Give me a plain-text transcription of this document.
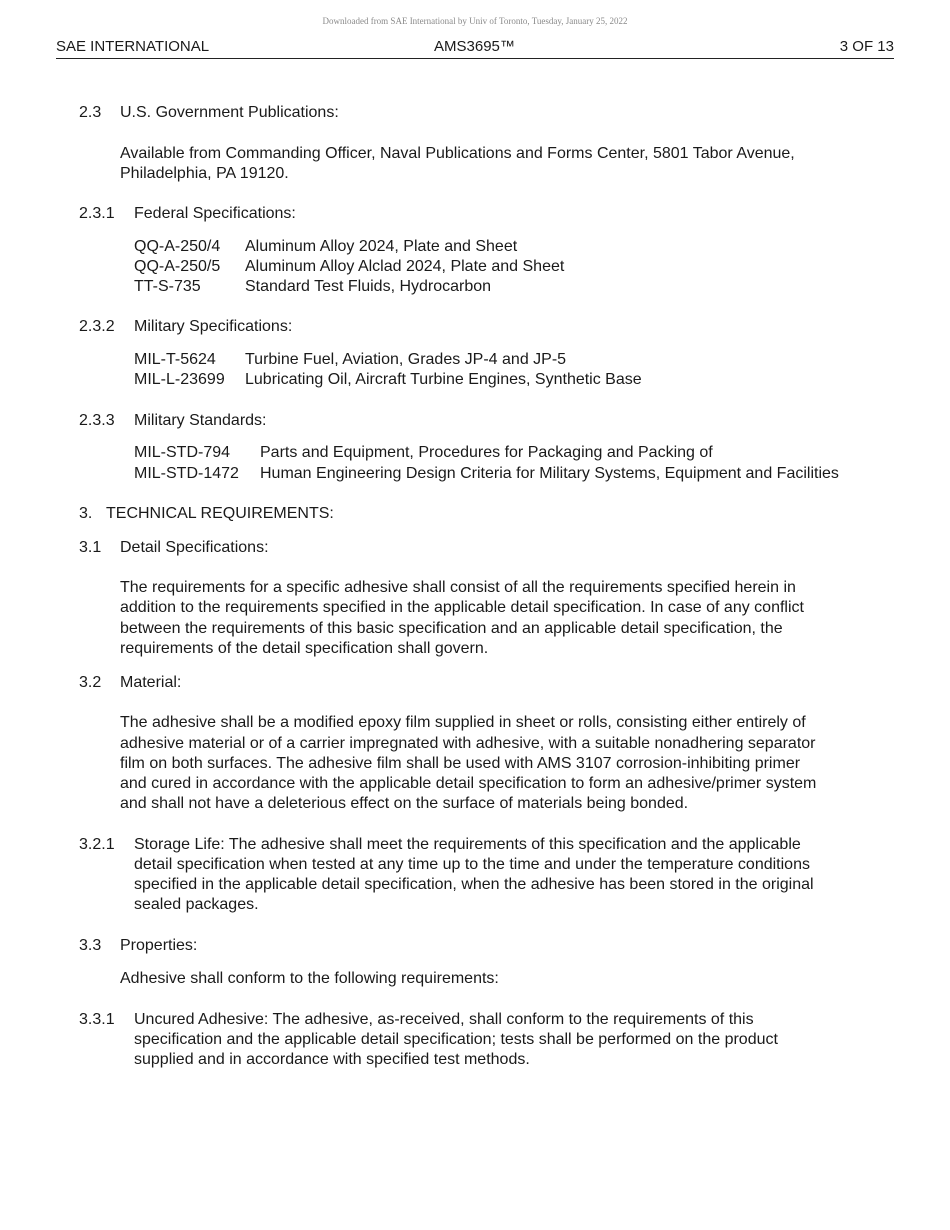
Downloaded from SAE International by Univ of Toronto, Tuesday, January 25, 2022
SAE INTERNATIONAL	AMS3695™	3 OF 13
2.3 U.S. Government Publications:
Available from Commanding Officer, Naval Publications and Forms Center, 5801 Tabor Avenue,
Philadelphia, PA 19120.
2.3.1 Federal Specifications:
QQ-A-250/4 Aluminum Alloy 2024, Plate and Sheet
QQ-A-250/5 Aluminum Alloy Alclad 2024, Plate and Sheet
TT-S-735	Standard Test Fluids, Hydrocarbon
2.3.2 Military Specifications:
MIL-T-5624 Turbine Fuel, Aviation, Grades JP-4 and JP-5
MIL-L-23699 Lubricating Oil, Aircraft Turbine Engines, Synthetic Base
2.3.3 Military Standards:
MIL-STD-794 Parts and Equipment, Procedures for Packaging and Packing of
MIL-STD-1472 Human Engineering Design Criteria for Military Systems, Equipment and Facilities
3. TECHNICAL REQUIREMENTS:
3.1 Detail Specifications:
The requirements for a specific adhesive shall consist of all the requirements specified herein in
addition to the requirements specified in the applicable detail specification. In case of any conflict
between the requirements of this basic specification and an applicable detail specification, the
requirements of the detail specification shall govern.
3.2 Material:
The adhesive shall be a modified epoxy film supplied in sheet or rolls, consisting either entirely of
adhesive material or of a carrier impregnated with adhesive, with a suitable nonadhering separator
film on both surfaces. The adhesive film shall be used with AMS 3107 corrosion-inhibiting primer
and cured in accordance with the applicable detail specification to form an adhesive/primer system
and shall not have a deleterious effect on the surface of materials being bonded.
3.2.1 Storage Life: The adhesive shall meet the requirements of this specification and the applicable
detail specification when tested at any time up to the time and under the temperature conditions
specified in the applicable detail specification, when the adhesive has been stored in the original
sealed packages.
3.3 Properties:
Adhesive shall conform to the following requirements:
3.3.1 Uncured Adhesive: The adhesive, as-received, shall conform to the requirements of this
specification and the applicable detail specification; tests shall be performed on the product
supplied and in accordance with specified test methods.
